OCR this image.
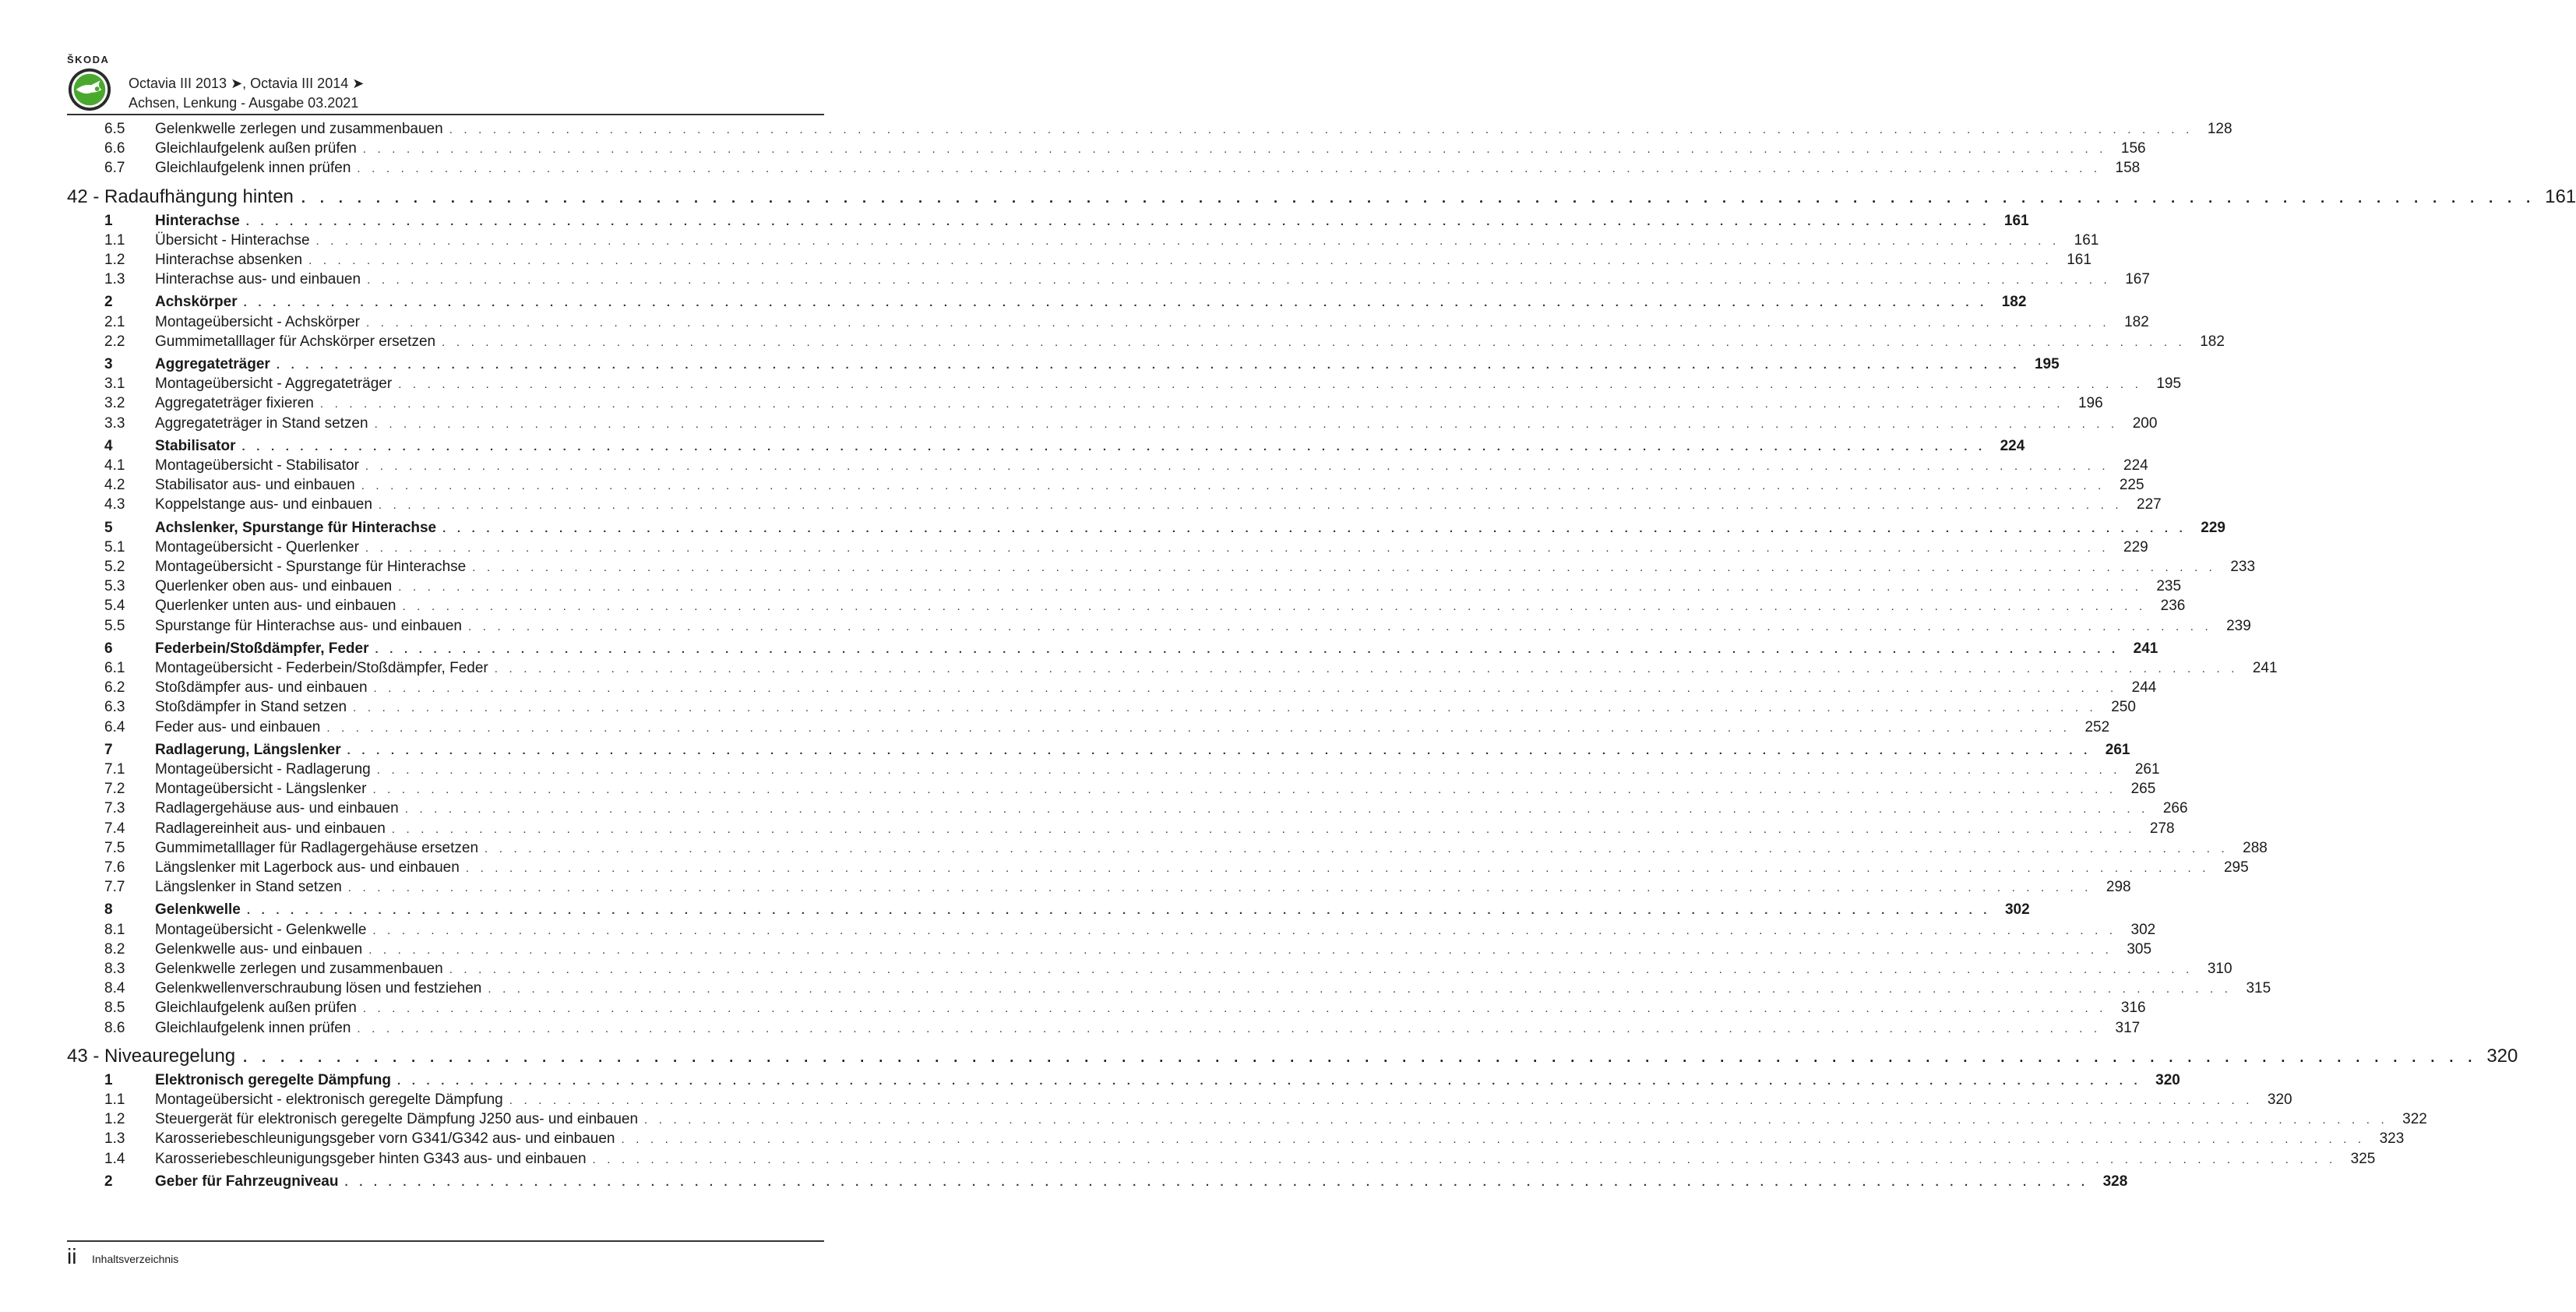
ŠKODA
Octavia III 2013 ➤, Octavia III 2014 ➤
Achsen, Lenkung - Ausgabe 03.2021
6.5	Gelenkwelle zerlegen und zusammenbauen . . . . . . . . . . . . . . . . . . . . . . . . . . . . . . . . . . . . . . . . . . . . . . . . . . . . . . . . . . . . . . . . . . . . . . . . . . . . . . . . . . . . . . . . . . . . . . . . . . . . . . . . . . . . . . . . . . . . . . . . 128
6.6	Gleichlaufgelenk außen prüfen . . . . . . . . . . . . . . . . . . . . . . . . . . . . . . . . . . . . . . . . . . . . . . . . . . . . . . . . . . . . . . . . . . . . . . . . . . . . . . . . . . . . . . . . . . . . . . . . . . . . . . . . . . . . . . . . . . . . . . . . 156
6.7	Gleichlaufgelenk innen prüfen . . . . . . . . . . . . . . . . . . . . . . . . . . . . . . . . . . . . . . . . . . . . . . . . . . . . . . . . . . . . . . . . . . . . . . . . . . . . . . . . . . . . . . . . . . . . . . . . . . . . . . . . . . . . . . . . . . . . . . . . 158
42 - Radaufhängung hinten . . . . . . . . . . . . . . . . . . . . . . . . . . . . . . . . . . . . . . . . . . . . . . . . . . . . . . . . . . . . . . . . . . . . . . . . . . . . . . . . . . . . . . . . . . . . . . . . . . . . . . . . . . . . . . . . . . . . . . . . 161
1	Hinterachse . . . . . . . . . . . . . . . . . . . . . . . . . . . . . . . . . . . . . . . . . . . . . . . . . . . . . . . . . . . . . . . . . . . . . . . . . . . . . . . . . . . . . . . . . . . . . . . . . . . . . . . . . . . . . . . . . . . . . . . . 161
1.1	Übersicht - Hinterachse . . . . . . . . . . . . . . . . . . . . . . . . . . . . . . . . . . . . . . . . . . . . . . . . . . . . . . . . . . . . . . . . . . . . . . . . . . . . . . . . . . . . . . . . . . . . . . . . . . . . . . . . . . . . . . . . . . . . . . . . 161
1.2	Hinterachse absenken . . . . . . . . . . . . . . . . . . . . . . . . . . . . . . . . . . . . . . . . . . . . . . . . . . . . . . . . . . . . . . . . . . . . . . . . . . . . . . . . . . . . . . . . . . . . . . . . . . . . . . . . . . . . . . . . . . . . . . . . 161
1.3	Hinterachse aus- und einbauen . . . . . . . . . . . . . . . . . . . . . . . . . . . . . . . . . . . . . . . . . . . . . . . . . . . . . . . . . . . . . . . . . . . . . . . . . . . . . . . . . . . . . . . . . . . . . . . . . . . . . . . . . . . . . . . . . . . . . . . . 167
2	Achskörper . . . . . . . . . . . . . . . . . . . . . . . . . . . . . . . . . . . . . . . . . . . . . . . . . . . . . . . . . . . . . . . . . . . . . . . . . . . . . . . . . . . . . . . . . . . . . . . . . . . . . . . . . . . . . . . . . . . . . . . . 182
2.1	Montageübersicht - Achskörper . . . . . . . . . . . . . . . . . . . . . . . . . . . . . . . . . . . . . . . . . . . . . . . . . . . . . . . . . . . . . . . . . . . . . . . . . . . . . . . . . . . . . . . . . . . . . . . . . . . . . . . . . . . . . . . . . . . . . . . . 182
2.2	Gummimetalllager für Achskörper ersetzen . . . . . . . . . . . . . . . . . . . . . . . . . . . . . . . . . . . . . . . . . . . . . . . . . . . . . . . . . . . . . . . . . . . . . . . . . . . . . . . . . . . . . . . . . . . . . . . . . . . . . . . . . . . . . . . . . . . . . . . . 182
3	Aggregateträger . . . . . . . . . . . . . . . . . . . . . . . . . . . . . . . . . . . . . . . . . . . . . . . . . . . . . . . . . . . . . . . . . . . . . . . . . . . . . . . . . . . . . . . . . . . . . . . . . . . . . . . . . . . . . . . . . . . . . . . . 195
3.1	Montageübersicht - Aggregateträger . . . . . . . . . . . . . . . . . . . . . . . . . . . . . . . . . . . . . . . . . . . . . . . . . . . . . . . . . . . . . . . . . . . . . . . . . . . . . . . . . . . . . . . . . . . . . . . . . . . . . . . . . . . . . . . . . . . . . . . . 195
3.2	Aggregateträger fixieren . . . . . . . . . . . . . . . . . . . . . . . . . . . . . . . . . . . . . . . . . . . . . . . . . . . . . . . . . . . . . . . . . . . . . . . . . . . . . . . . . . . . . . . . . . . . . . . . . . . . . . . . . . . . . . . . . . . . . . . . 196
3.3	Aggregateträger in Stand setzen . . . . . . . . . . . . . . . . . . . . . . . . . . . . . . . . . . . . . . . . . . . . . . . . . . . . . . . . . . . . . . . . . . . . . . . . . . . . . . . . . . . . . . . . . . . . . . . . . . . . . . . . . . . . . . . . . . . . . . . . 200
4	Stabilisator . . . . . . . . . . . . . . . . . . . . . . . . . . . . . . . . . . . . . . . . . . . . . . . . . . . . . . . . . . . . . . . . . . . . . . . . . . . . . . . . . . . . . . . . . . . . . . . . . . . . . . . . . . . . . . . . . . . . . . . . 224
4.1	Montageübersicht - Stabilisator . . . . . . . . . . . . . . . . . . . . . . . . . . . . . . . . . . . . . . . . . . . . . . . . . . . . . . . . . . . . . . . . . . . . . . . . . . . . . . . . . . . . . . . . . . . . . . . . . . . . . . . . . . . . . . . . . . . . . . . . 224
4.2	Stabilisator aus- und einbauen . . . . . . . . . . . . . . . . . . . . . . . . . . . . . . . . . . . . . . . . . . . . . . . . . . . . . . . . . . . . . . . . . . . . . . . . . . . . . . . . . . . . . . . . . . . . . . . . . . . . . . . . . . . . . . . . . . . . . . . . 225
4.3	Koppelstange aus- und einbauen . . . . . . . . . . . . . . . . . . . . . . . . . . . . . . . . . . . . . . . . . . . . . . . . . . . . . . . . . . . . . . . . . . . . . . . . . . . . . . . . . . . . . . . . . . . . . . . . . . . . . . . . . . . . . . . . . . . . . . . . 227
5	Achslenker, Spurstange für Hinterachse . . . . . . . . . . . . . . . . . . . . . . . . . . . . . . . . . . . . . . . . . . . . . . . . . . . . . . . . . . . . . . . . . . . . . . . . . . . . . . . . . . . . . . . . . . . . . . . . . . . . . . . . . . . . . . . . . . . . . . . . 229
5.1	Montageübersicht - Querlenker . . . . . . . . . . . . . . . . . . . . . . . . . . . . . . . . . . . . . . . . . . . . . . . . . . . . . . . . . . . . . . . . . . . . . . . . . . . . . . . . . . . . . . . . . . . . . . . . . . . . . . . . . . . . . . . . . . . . . . . . 229
5.2	Montageübersicht - Spurstange für Hinterachse . . . . . . . . . . . . . . . . . . . . . . . . . . . . . . . . . . . . . . . . . . . . . . . . . . . . . . . . . . . . . . . . . . . . . . . . . . . . . . . . . . . . . . . . . . . . . . . . . . . . . . . . . . . . . . . . . . . . . . . . 233
5.3	Querlenker oben aus- und einbauen . . . . . . . . . . . . . . . . . . . . . . . . . . . . . . . . . . . . . . . . . . . . . . . . . . . . . . . . . . . . . . . . . . . . . . . . . . . . . . . . . . . . . . . . . . . . . . . . . . . . . . . . . . . . . . . . . . . . . . . . 235
5.4	Querlenker unten aus- und einbauen . . . . . . . . . . . . . . . . . . . . . . . . . . . . . . . . . . . . . . . . . . . . . . . . . . . . . . . . . . . . . . . . . . . . . . . . . . . . . . . . . . . . . . . . . . . . . . . . . . . . . . . . . . . . . . . . . . . . . . . . 236
5.5	Spurstange für Hinterachse aus- und einbauen . . . . . . . . . . . . . . . . . . . . . . . . . . . . . . . . . . . . . . . . . . . . . . . . . . . . . . . . . . . . . . . . . . . . . . . . . . . . . . . . . . . . . . . . . . . . . . . . . . . . . . . . . . . . . . . . . . . . . . . . 239
6	Federbein/Stoßdämpfer, Feder . . . . . . . . . . . . . . . . . . . . . . . . . . . . . . . . . . . . . . . . . . . . . . . . . . . . . . . . . . . . . . . . . . . . . . . . . . . . . . . . . . . . . . . . . . . . . . . . . . . . . . . . . . . . . . . . . . . . . . . . 241
6.1	Montageübersicht - Federbein/Stoßdämpfer, Feder . . . . . . . . . . . . . . . . . . . . . . . . . . . . . . . . . . . . . . . . . . . . . . . . . . . . . . . . . . . . . . . . . . . . . . . . . . . . . . . . . . . . . . . . . . . . . . . . . . . . . . . . . . . . . . . . . . . . . . . . 241
6.2	Stoßdämpfer aus- und einbauen . . . . . . . . . . . . . . . . . . . . . . . . . . . . . . . . . . . . . . . . . . . . . . . . . . . . . . . . . . . . . . . . . . . . . . . . . . . . . . . . . . . . . . . . . . . . . . . . . . . . . . . . . . . . . . . . . . . . . . . . 244
6.3	Stoßdämpfer in Stand setzen . . . . . . . . . . . . . . . . . . . . . . . . . . . . . . . . . . . . . . . . . . . . . . . . . . . . . . . . . . . . . . . . . . . . . . . . . . . . . . . . . . . . . . . . . . . . . . . . . . . . . . . . . . . . . . . . . . . . . . . . 250
6.4	Feder aus- und einbauen . . . . . . . . . . . . . . . . . . . . . . . . . . . . . . . . . . . . . . . . . . . . . . . . . . . . . . . . . . . . . . . . . . . . . . . . . . . . . . . . . . . . . . . . . . . . . . . . . . . . . . . . . . . . . . . . . . . . . . . . 252
7	Radlagerung, Längslenker . . . . . . . . . . . . . . . . . . . . . . . . . . . . . . . . . . . . . . . . . . . . . . . . . . . . . . . . . . . . . . . . . . . . . . . . . . . . . . . . . . . . . . . . . . . . . . . . . . . . . . . . . . . . . . . . . . . . . . . . 261
7.1	Montageübersicht - Radlagerung . . . . . . . . . . . . . . . . . . . . . . . . . . . . . . . . . . . . . . . . . . . . . . . . . . . . . . . . . . . . . . . . . . . . . . . . . . . . . . . . . . . . . . . . . . . . . . . . . . . . . . . . . . . . . . . . . . . . . . . . 261
7.2	Montageübersicht - Längslenker . . . . . . . . . . . . . . . . . . . . . . . . . . . . . . . . . . . . . . . . . . . . . . . . . . . . . . . . . . . . . . . . . . . . . . . . . . . . . . . . . . . . . . . . . . . . . . . . . . . . . . . . . . . . . . . . . . . . . . . . 265
7.3	Radlagergehäuse aus- und einbauen . . . . . . . . . . . . . . . . . . . . . . . . . . . . . . . . . . . . . . . . . . . . . . . . . . . . . . . . . . . . . . . . . . . . . . . . . . . . . . . . . . . . . . . . . . . . . . . . . . . . . . . . . . . . . . . . . . . . . . . . 266
7.4	Radlagereinheit aus- und einbauen . . . . . . . . . . . . . . . . . . . . . . . . . . . . . . . . . . . . . . . . . . . . . . . . . . . . . . . . . . . . . . . . . . . . . . . . . . . . . . . . . . . . . . . . . . . . . . . . . . . . . . . . . . . . . . . . . . . . . . . . 278
7.5	Gummimetalllager für Radlagergehäuse ersetzen . . . . . . . . . . . . . . . . . . . . . . . . . . . . . . . . . . . . . . . . . . . . . . . . . . . . . . . . . . . . . . . . . . . . . . . . . . . . . . . . . . . . . . . . . . . . . . . . . . . . . . . . . . . . . . . . . . . . . . . . 288
7.6	Längslenker mit Lagerbock aus- und einbauen . . . . . . . . . . . . . . . . . . . . . . . . . . . . . . . . . . . . . . . . . . . . . . . . . . . . . . . . . . . . . . . . . . . . . . . . . . . . . . . . . . . . . . . . . . . . . . . . . . . . . . . . . . . . . . . . . . . . . . . . 295
7.7	Längslenker in Stand setzen . . . . . . . . . . . . . . . . . . . . . . . . . . . . . . . . . . . . . . . . . . . . . . . . . . . . . . . . . . . . . . . . . . . . . . . . . . . . . . . . . . . . . . . . . . . . . . . . . . . . . . . . . . . . . . . . . . . . . . . . 298
8	Gelenkwelle . . . . . . . . . . . . . . . . . . . . . . . . . . . . . . . . . . . . . . . . . . . . . . . . . . . . . . . . . . . . . . . . . . . . . . . . . . . . . . . . . . . . . . . . . . . . . . . . . . . . . . . . . . . . . . . . . . . . . . . . 302
8.1	Montageübersicht - Gelenkwelle . . . . . . . . . . . . . . . . . . . . . . . . . . . . . . . . . . . . . . . . . . . . . . . . . . . . . . . . . . . . . . . . . . . . . . . . . . . . . . . . . . . . . . . . . . . . . . . . . . . . . . . . . . . . . . . . . . . . . . . . 302
8.2	Gelenkwelle aus- und einbauen . . . . . . . . . . . . . . . . . . . . . . . . . . . . . . . . . . . . . . . . . . . . . . . . . . . . . . . . . . . . . . . . . . . . . . . . . . . . . . . . . . . . . . . . . . . . . . . . . . . . . . . . . . . . . . . . . . . . . . . . 305
8.3	Gelenkwelle zerlegen und zusammenbauen . . . . . . . . . . . . . . . . . . . . . . . . . . . . . . . . . . . . . . . . . . . . . . . . . . . . . . . . . . . . . . . . . . . . . . . . . . . . . . . . . . . . . . . . . . . . . . . . . . . . . . . . . . . . . . . . . . . . . . . . 310
8.4	Gelenkwellenverschraubung lösen und festziehen . . . . . . . . . . . . . . . . . . . . . . . . . . . . . . . . . . . . . . . . . . . . . . . . . . . . . . . . . . . . . . . . . . . . . . . . . . . . . . . . . . . . . . . . . . . . . . . . . . . . . . . . . . . . . . . . . . . . . . . . 315
8.5	Gleichlaufgelenk außen prüfen . . . . . . . . . . . . . . . . . . . . . . . . . . . . . . . . . . . . . . . . . . . . . . . . . . . . . . . . . . . . . . . . . . . . . . . . . . . . . . . . . . . . . . . . . . . . . . . . . . . . . . . . . . . . . . . . . . . . . . . . 316
8.6	Gleichlaufgelenk innen prüfen . . . . . . . . . . . . . . . . . . . . . . . . . . . . . . . . . . . . . . . . . . . . . . . . . . . . . . . . . . . . . . . . . . . . . . . . . . . . . . . . . . . . . . . . . . . . . . . . . . . . . . . . . . . . . . . . . . . . . . . . 317
43 - Niveauregelung . . . . . . . . . . . . . . . . . . . . . . . . . . . . . . . . . . . . . . . . . . . . . . . . . . . . . . . . . . . . . . . . . . . . . . . . . . . . . . . . . . . . . . . . . . . . . . . . . . . . . . . . . . . . . . . . . . . . . . . . 320
1	Elektronisch geregelte Dämpfung . . . . . . . . . . . . . . . . . . . . . . . . . . . . . . . . . . . . . . . . . . . . . . . . . . . . . . . . . . . . . . . . . . . . . . . . . . . . . . . . . . . . . . . . . . . . . . . . . . . . . . . . . . . . . . . . . . . . . . . . 320
1.1	Montageübersicht - elektronisch geregelte Dämpfung . . . . . . . . . . . . . . . . . . . . . . . . . . . . . . . . . . . . . . . . . . . . . . . . . . . . . . . . . . . . . . . . . . . . . . . . . . . . . . . . . . . . . . . . . . . . . . . . . . . . . . . . . . . . . . . . . . . . . . . . 320
1.2	Steuergerät für elektronisch geregelte Dämpfung J250 aus- und einbauen . . . . . . . . . . . . . . . . . . . . . . . . . . . . . . . . . . . . . . . . . . . . . . . . . . . . . . . . . . . . . . . . . . . . . . . . . . . . . . . . . . . . . . . . . . . . . . . . . . . . . . . . . . . . . . . . . . . . . . . . 322
1.3	Karosseriebeschleunigungsgeber vorn G341/G342 aus- und einbauen . . . . . . . . . . . . . . . . . . . . . . . . . . . . . . . . . . . . . . . . . . . . . . . . . . . . . . . . . . . . . . . . . . . . . . . . . . . . . . . . . . . . . . . . . . . . . . . . . . . . . . . . . . . . . . . . . . . . . . . . 323
1.4	Karosseriebeschleunigungsgeber hinten G343 aus- und einbauen . . . . . . . . . . . . . . . . . . . . . . . . . . . . . . . . . . . . . . . . . . . . . . . . . . . . . . . . . . . . . . . . . . . . . . . . . . . . . . . . . . . . . . . . . . . . . . . . . . . . . . . . . . . . . . . . . . . . . . . . 325
2	Geber für Fahrzeugniveau . . . . . . . . . . . . . . . . . . . . . . . . . . . . . . . . . . . . . . . . . . . . . . . . . . . . . . . . . . . . . . . . . . . . . . . . . . . . . . . . . . . . . . . . . . . . . . . . . . . . . . . . . . . . . . . . . . . . . . . . 328
ii Inhaltsverzeichnis
